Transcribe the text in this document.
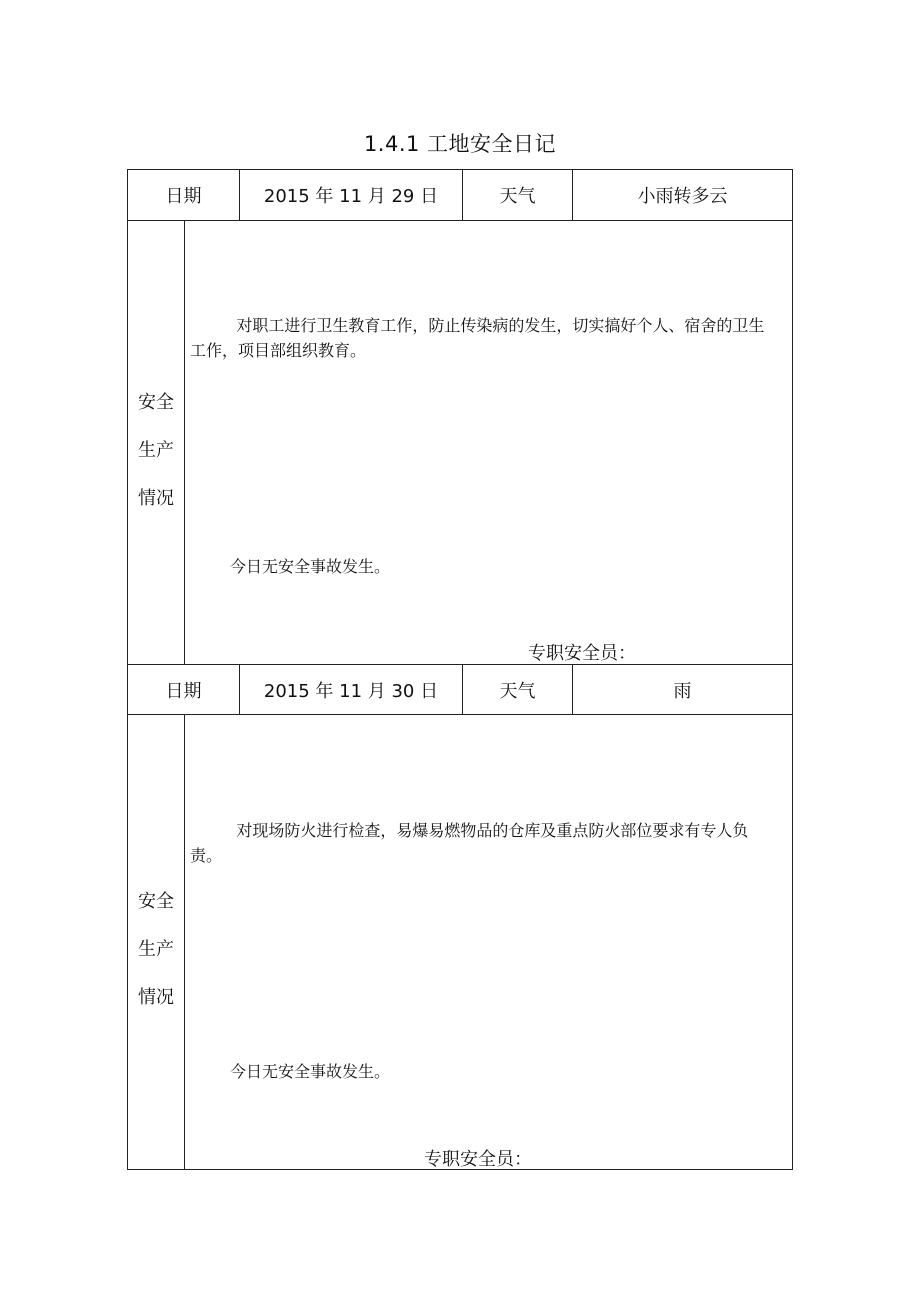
1.4.1 工地安全日记
日期	2015 年 11 月 29 日	天气	小雨转多云
安全
生产
情况
对职工进行卫生教育工作，防止传染病的发生，切实搞好个人、宿舍的卫生工作，项目部组织教育。
今日无安全事故发生。
专职安全员：
日期	2015 年 11 月 30 日	天气	雨
安全
生产
情况
对现场防火进行检查，易爆易燃物品的仓库及重点防火部位要求有专人负责。
今日无安全事故发生。
专职安全员：
